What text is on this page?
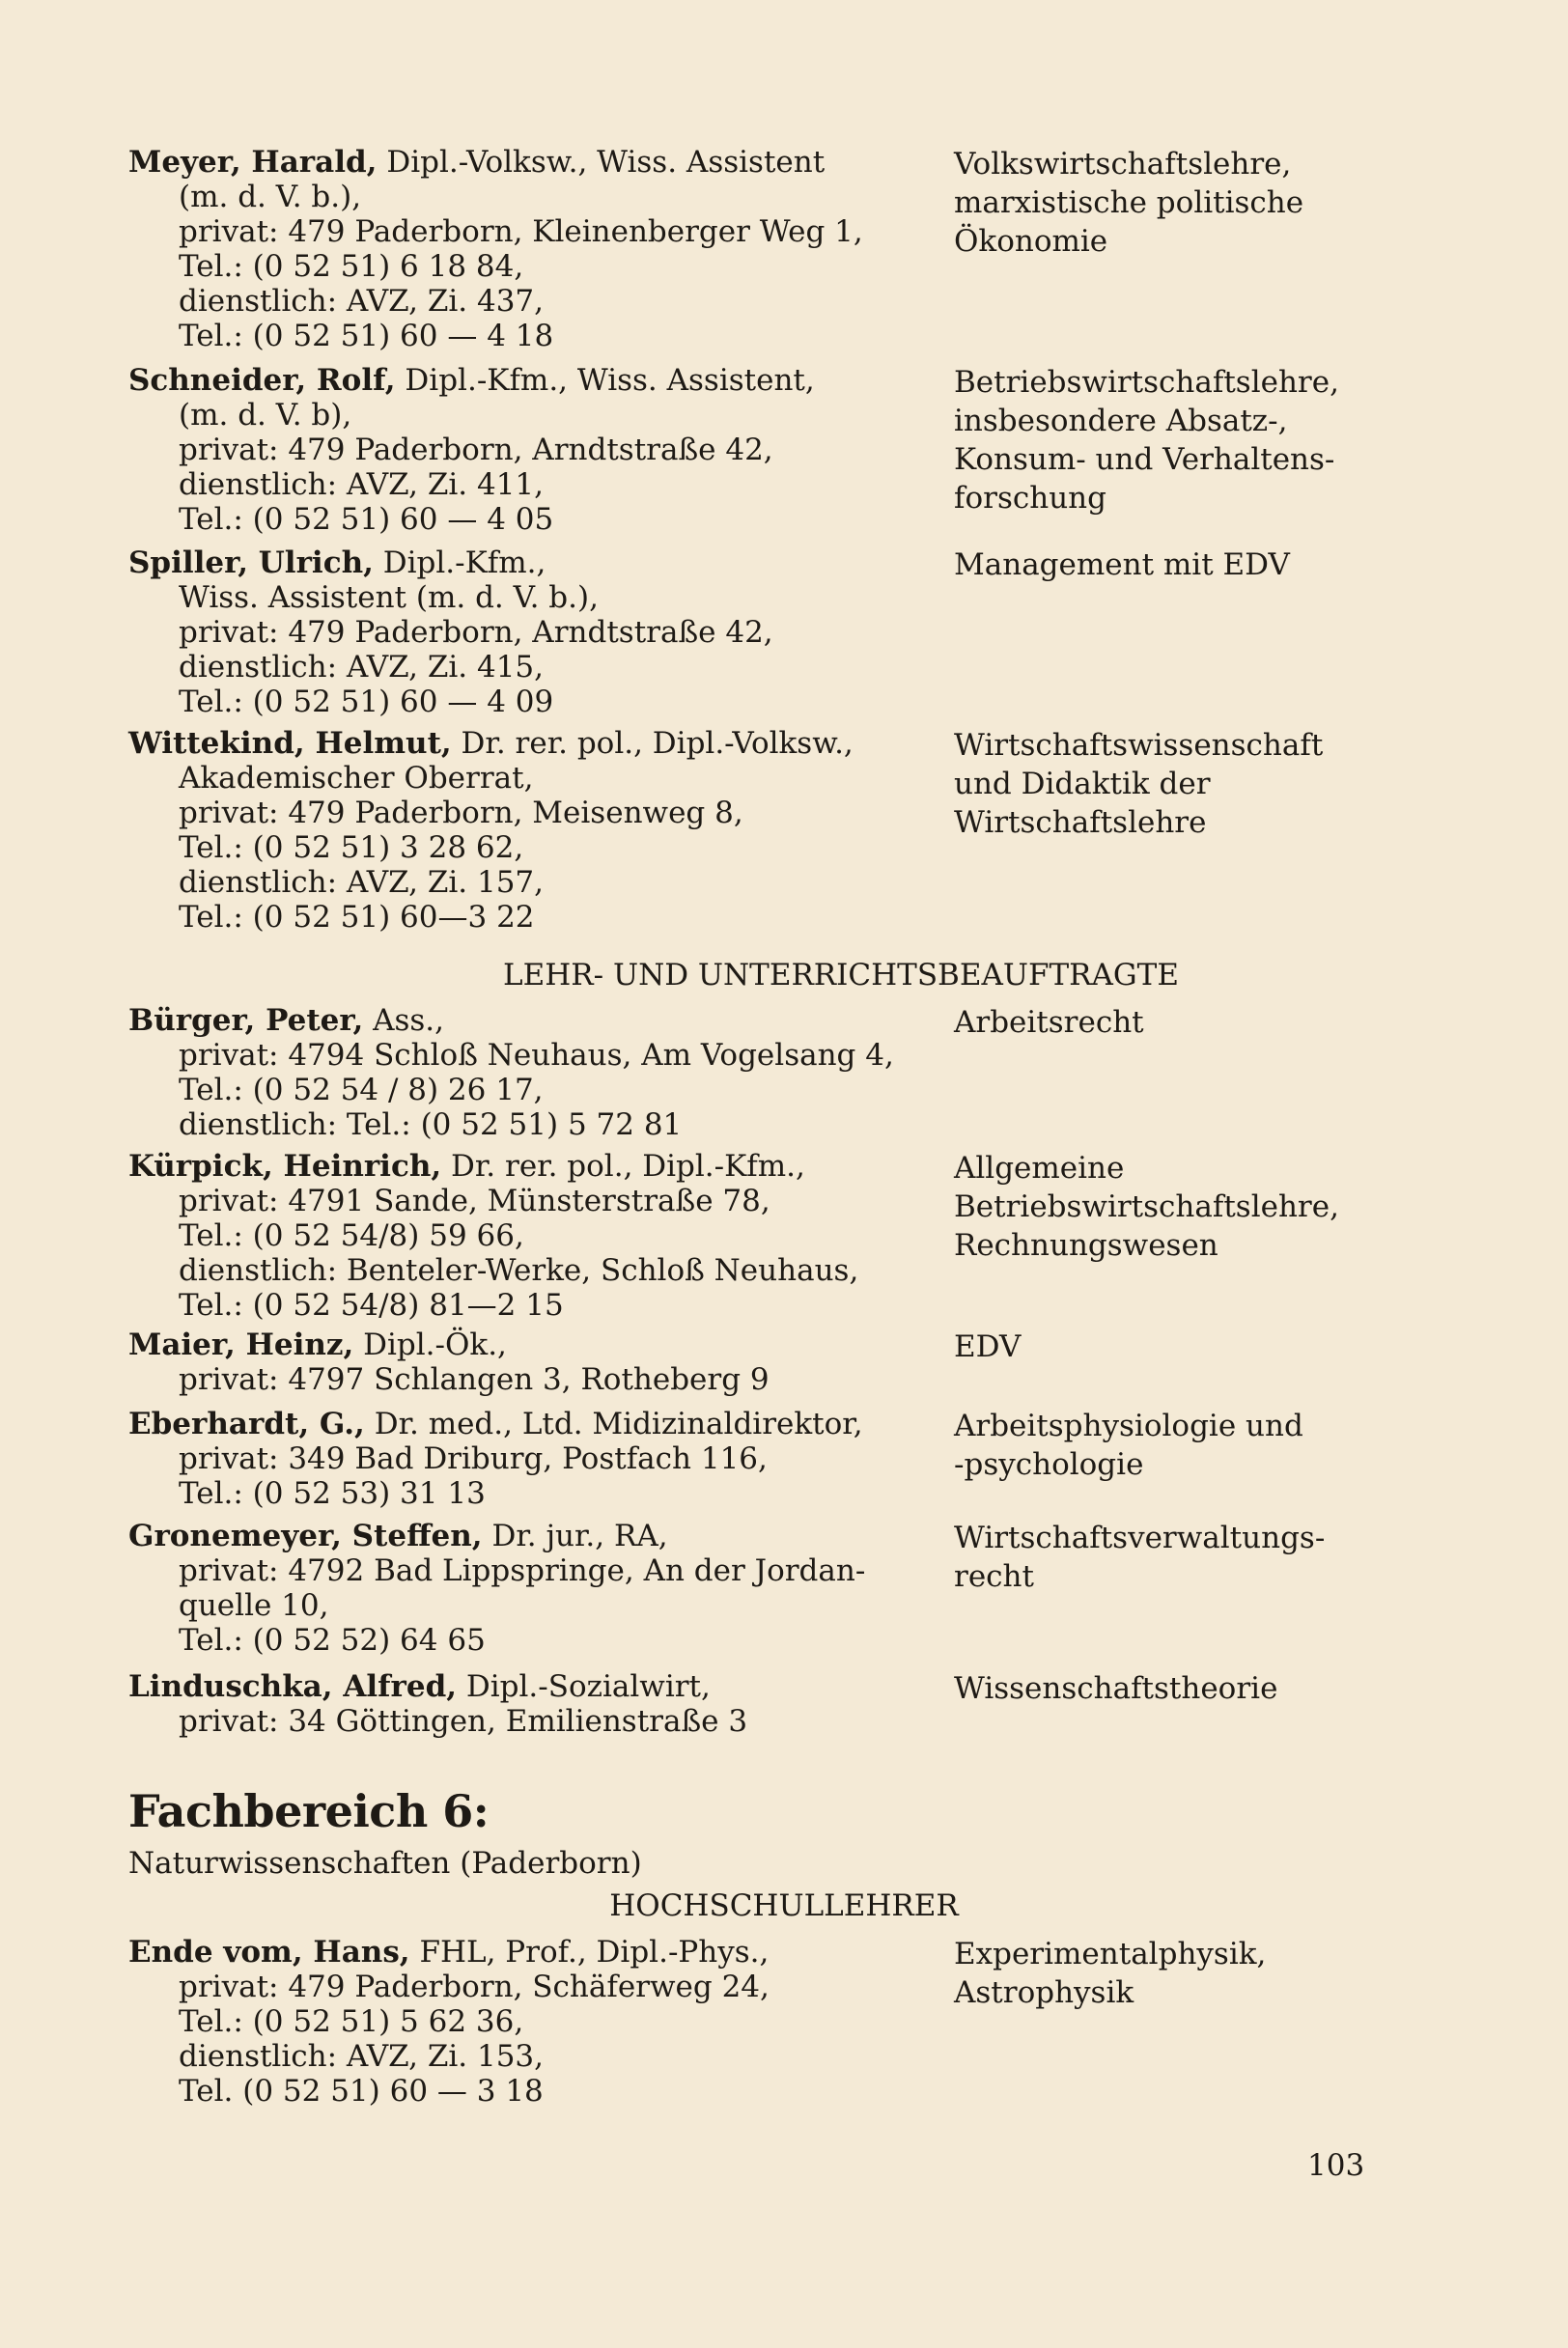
Meyer, Harald, Dipl.-Volksw., Wiss. Assistent
(m. d. V. b.),
privat: 479 Paderborn, Kleinenberger Weg 1,
Tel.: (0 52 51) 6 18 84,
dienstlich: AVZ, Zi. 437,
Tel.: (0 52 51) 60 — 4 18
Volkswirtschaftslehre,
marxistische politische
Ökonomie
Schneider, Rolf, Dipl.-Kfm., Wiss. Assistent,
(m. d. V. b),
privat: 479 Paderborn, Arndtstraße 42,
dienstlich: AVZ, Zi. 411,
Tel.: (0 52 51) 60 — 4 05
Betriebswirtschaftslehre,
insbesondere Absatz-,
Konsum- und Verhaltens-
forschung
Spiller, Ulrich, Dipl.-Kfm.,
Wiss. Assistent (m. d. V. b.),
privat: 479 Paderborn, Arndtstraße 42,
dienstlich: AVZ, Zi. 415,
Tel.: (0 52 51) 60 — 4 09
Management mit EDV
Wittekind, Helmut, Dr. rer. pol., Dipl.-Volksw.,
Akademischer Oberrat,
privat: 479 Paderborn, Meisenweg 8,
Tel.: (0 52 51) 3 28 62,
dienstlich: AVZ, Zi. 157,
Tel.: (0 52 51) 60—3 22
Wirtschaftswissenschaft
und Didaktik der
Wirtschaftslehre
LEHR- UND UNTERRICHTSBEAUFTRAGTE
Bürger, Peter, Ass.,
privat: 4794 Schloß Neuhaus, Am Vogelsang 4,
Tel.: (0 52 54 / 8) 26 17,
dienstlich: Tel.: (0 52 51) 5 72 81
Arbeitsrecht
Kürpick, Heinrich, Dr. rer. pol., Dipl.-Kfm.,
privat: 4791 Sande, Münsterstraße 78,
Tel.: (0 52 54/8) 59 66,
dienstlich: Benteler-Werke, Schloß Neuhaus,
Tel.: (0 52 54/8) 81—2 15
Allgemeine
Betriebswirtschaftslehre,
Rechnungswesen
Maier, Heinz, Dipl.-Ök.,
privat: 4797 Schlangen 3, Rotheberg 9
EDV
Eberhardt, G., Dr. med., Ltd. Midizinaldirektor,
privat: 349 Bad Driburg, Postfach 116,
Tel.: (0 52 53) 31 13
Arbeitsphysiologie und
-psychologie
Gronemeyer, Steffen, Dr. jur., RA,
privat: 4792 Bad Lippspringe, An der Jordan-
quelle 10,
Tel.: (0 52 52) 64 65
Wirtschaftsverwaltungs-
recht
Linduschka, Alfred, Dipl.-Sozialwirt,
privat: 34 Göttingen, Emilienstraße 3
Wissenschaftstheorie
Fachbereich 6:
Naturwissenschaften (Paderborn)
HOCHSCHULLEHRER
Ende vom, Hans, FHL, Prof., Dipl.-Phys.,
privat: 479 Paderborn, Schäferweg 24,
Tel.: (0 52 51) 5 62 36,
dienstlich: AVZ, Zi. 153,
Tel. (0 52 51) 60 — 3 18
Experimentalphysik,
Astrophysik
103
